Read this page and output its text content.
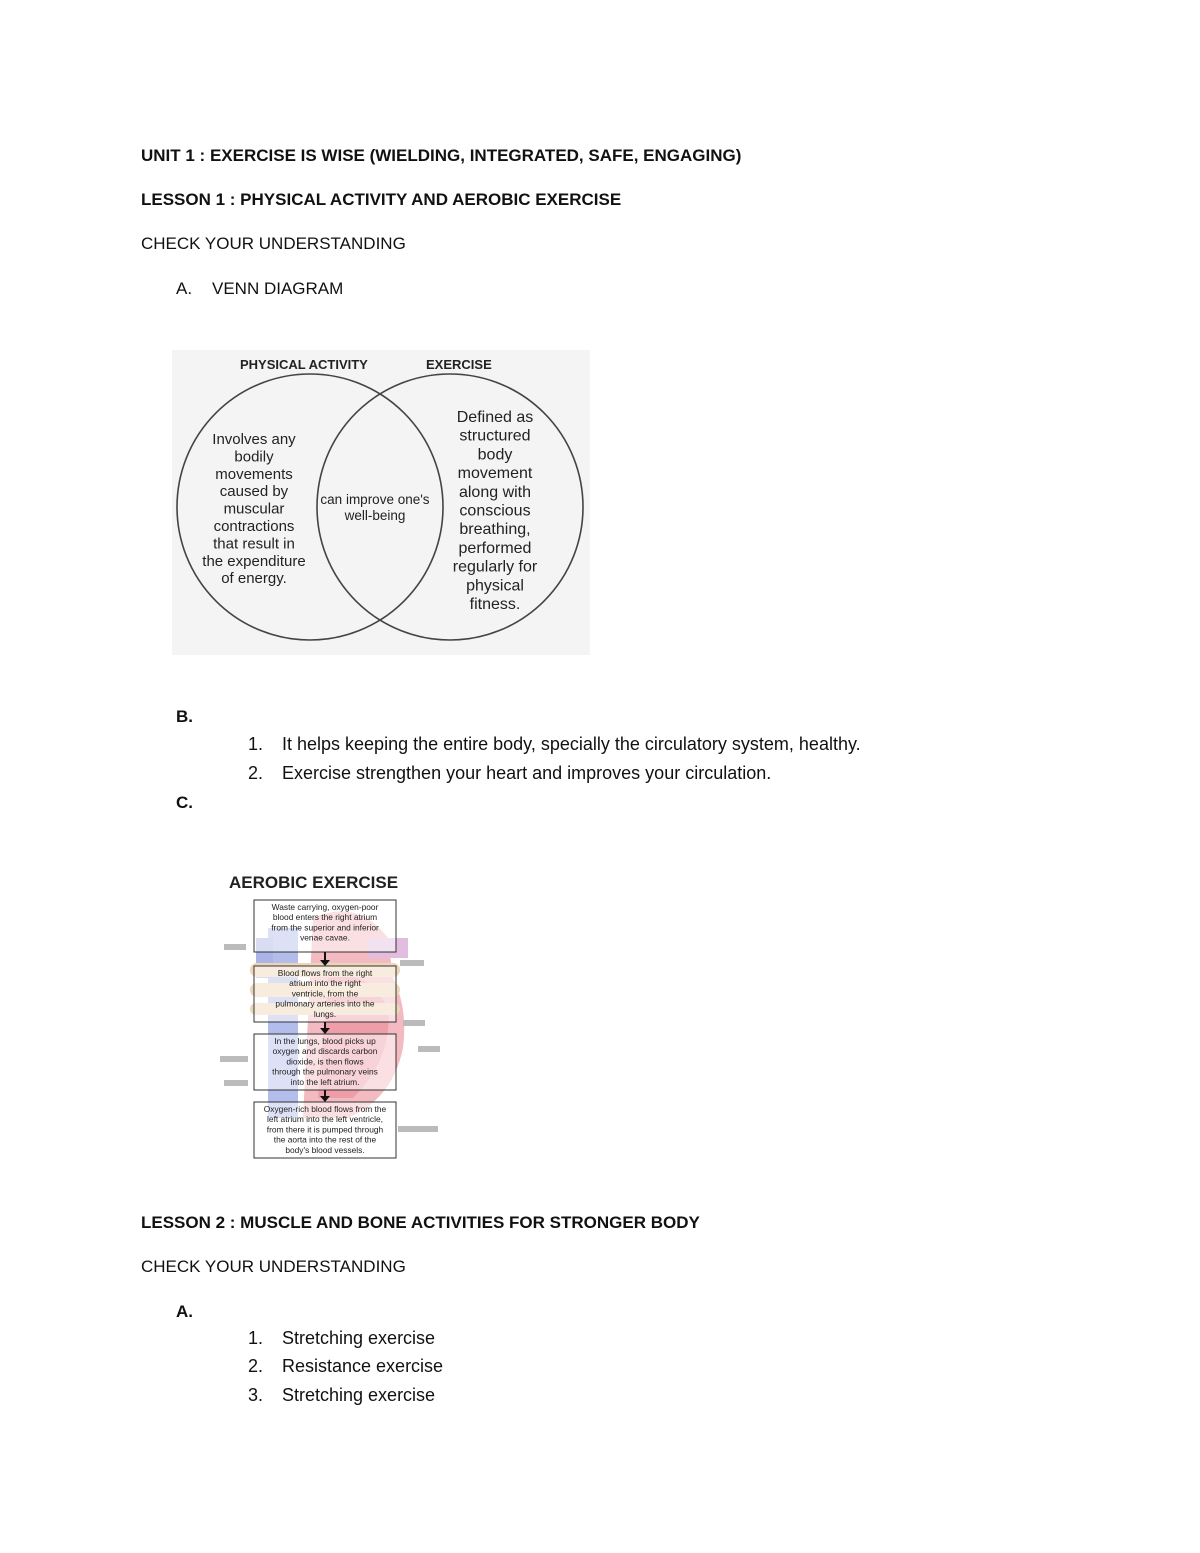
UNIT 1 : EXERCISE IS WISE (WIELDING, INTEGRATED, SAFE, ENGAGING)
LESSON 1 : PHYSICAL ACTIVITY AND AEROBIC EXERCISE
CHECK YOUR UNDERSTANDING
A. VENN DIAGRAM
PHYSICAL ACTIVITY	EXERCISE
Involves any
bodily
movements
caused by
muscular
contractions
that result in
the expenditure
of energy.
can improve one's
well-being
Defined as
structured
body
movement
along with
conscious
breathing,
performed
regularly for
physical
fitness.
B.
1. It helps keeping the entire body, specially the circulatory system, healthy.
2. Exercise strengthen your heart and improves your circulation.
C.
AEROBIC EXERCISE
Waste carrying, oxygen-poor
blood enters the right atrium
from the superior and inferior
venae cavae.
Blood flows from the right
atrium into the right
ventricle, from the
pulmonary arteries into the
lungs.
In the lungs, blood picks up
oxygen and discards carbon
dioxide, is then flows
through the pulmonary veins
into the left atrium.
Oxygen-rich blood flows from the
left atrium into the left ventricle,
from there it is pumped through
the aorta into the rest of the
body's blood vessels.
LESSON 2 : MUSCLE AND BONE ACTIVITIES FOR STRONGER BODY
CHECK YOUR UNDERSTANDING
A.
1. Stretching exercise
2. Resistance exercise
3. Stretching exercise
